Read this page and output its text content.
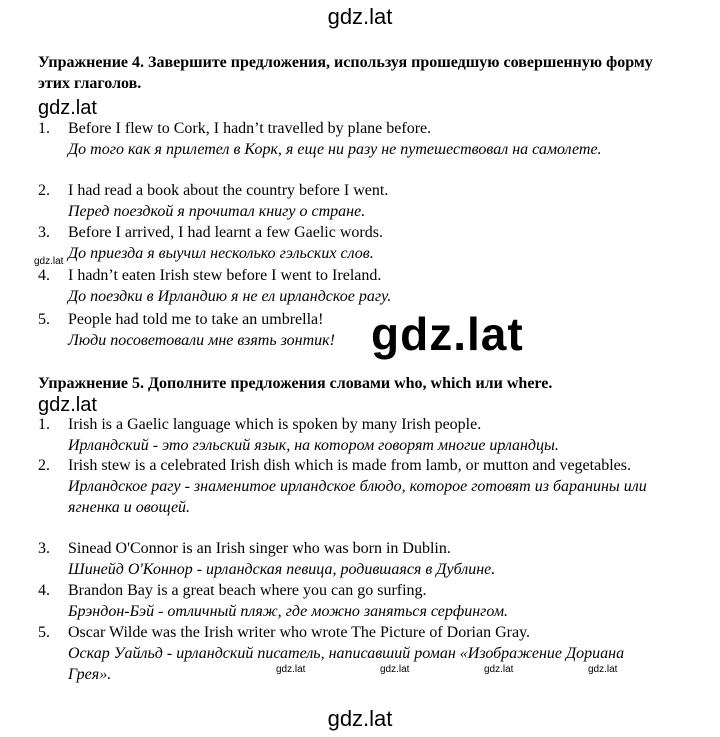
gdz.lat
Упражнение 4. Завершите предложения, используя прошедшую совершенную форму этих глаголов.
gdz.lat
1.	Before I flew to Cork, I hadn’t travelled by plane before.
До того как я прилетел в Корк, я еще ни разу не путешествовал на самолете.
2.	I had read a book about the country before I went.
Перед поездкой я прочитал книгу о стране.
3.	Before I arrived, I had learnt a few Gaelic words.
До приезда я выучил несколько гэльских слов.
gdz.lat
4.	I hadn’t eaten Irish stew before I went to Ireland.
До поездки в Ирландию я не ел ирландское рагу.
5.	People had told me to take an umbrella!
Люди посоветовали мне взять зонтик! gdz.lat
Упражнение 5. Дополните предложения словами who, which или where.
gdz.lat
1.	Irish is a Gaelic language which is spoken by many Irish people.
Ирландский - это гэльский язык, на котором говорят многие ирландцы.
2.	Irish stew is a celebrated Irish dish which is made from lamb, or mutton and vegetables.
Ирландское рагу - знаменитое ирландское блюдо, которое готовят из баранины или ягненка и овощей.
3.	Sinead O'Connor is an Irish singer who was born in Dublin.
Шинейд О'Коннор - ирландская певица, родившаяся в Дублине.
4.	Brandon Bay is a great beach where you can go surfing.
Брэндон-Бэй - отличный пляж, где можно заняться серфингом.
5.	Oscar Wilde was the Irish writer who wrote The Picture of Dorian Gray.
Оскар Уайльд - ирландский писатель, написавший роман «Изображение Дориана Грея».	gdz.lat	gdz.lat	gdz.lat	gdz.lat
gdz.lat
